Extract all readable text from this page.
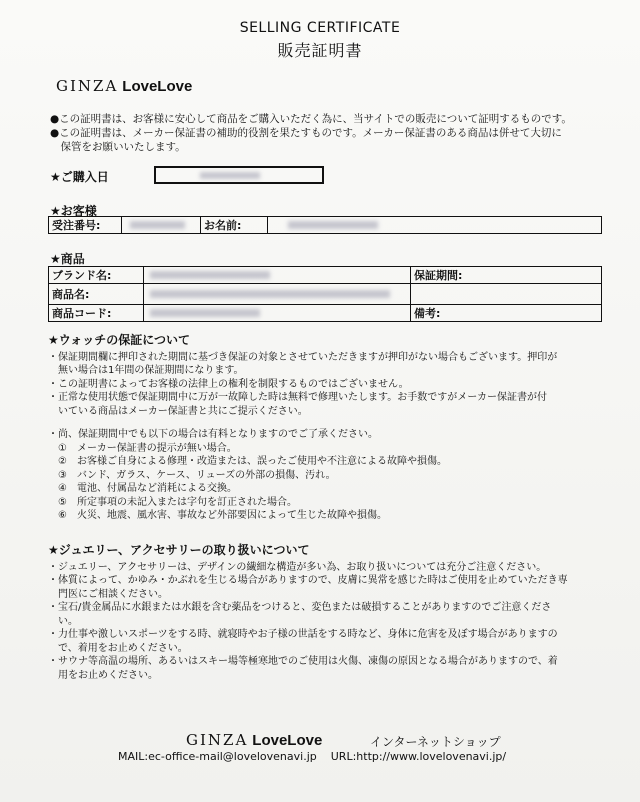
SELLING CERTIFICATE
販売証明書
GINZA LoveLove

●この証明書は、お客様に安心して商品をご購入いただく為に、当サイトでの販売について証明するものです。

●この証明書は、メーカー保証書の補助的役割を果たすものです。メーカー保証書のある商品は併せて大切に

　保管をお願いいたします。

★ご購入日
★お客様
受注番号:		お名前:	
★商品
ブランド名:		保証期間:
商品名:	

商品コード:		備考:
★ウォッチの保証について

・保証期間欄に押印された期間に基づき保証の対象とさせていただきますが押印がない場合もございます。押印が

　無い場合は1年間の保証期間になります。

・この証明書によってお客様の法律上の権利を制限するものではございません。

・正常な使用状態で保証期間中に万が一故障した時は無料で修理いたします。お手数ですがメーカー保証書が付

　いている商品はメーカー保証書と共にご提示ください。

・尚、保証期間中でも以下の場合は有料となりますのでご了承ください。

①　メーカー保証書の提示が無い場合。

②　お客様ご自身による修理・改造または、誤ったご使用や不注意による故障や損傷。

③　バンド、ガラス、ケース、リューズの外部の損傷、汚れ。

④　電池、付属品など消耗による交換。

⑤　所定事項の未記入または字句を訂正された場合。

⑥　火災、地震、風水害、事故など外部要因によって生じた故障や損傷。

★ジュエリー、アクセサリーの取り扱いについて

・ジュエリー、アクセサリーは、デザインの繊細な構造が多い為、お取り扱いについては充分ご注意ください。

・体質によって、かゆみ・かぶれを生じる場合がありますので、皮膚に異常を感じた時はご使用を止めていただき専

　門医にご相談ください。

・宝石/貴金属品に水銀または水銀を含む薬品をつけると、変色または破損することがありますのでご注意くださ

　い。

・力仕事や激しいスポーツをする時、就寝時やお子様の世話をする時など、身体に危害を及ぼす場合がありますの

　で、着用をお止めください。

・サウナ等高温の場所、あるいはスキー場等極寒地でのご使用は火傷、凍傷の原因となる場合がありますので、着

　用をお止めください。

GINZA LoveLove	インターネットショップ
MAIL:ec-office-mail@lovelovenavi.jp URL:http://www.lovelovenavi.jp/
